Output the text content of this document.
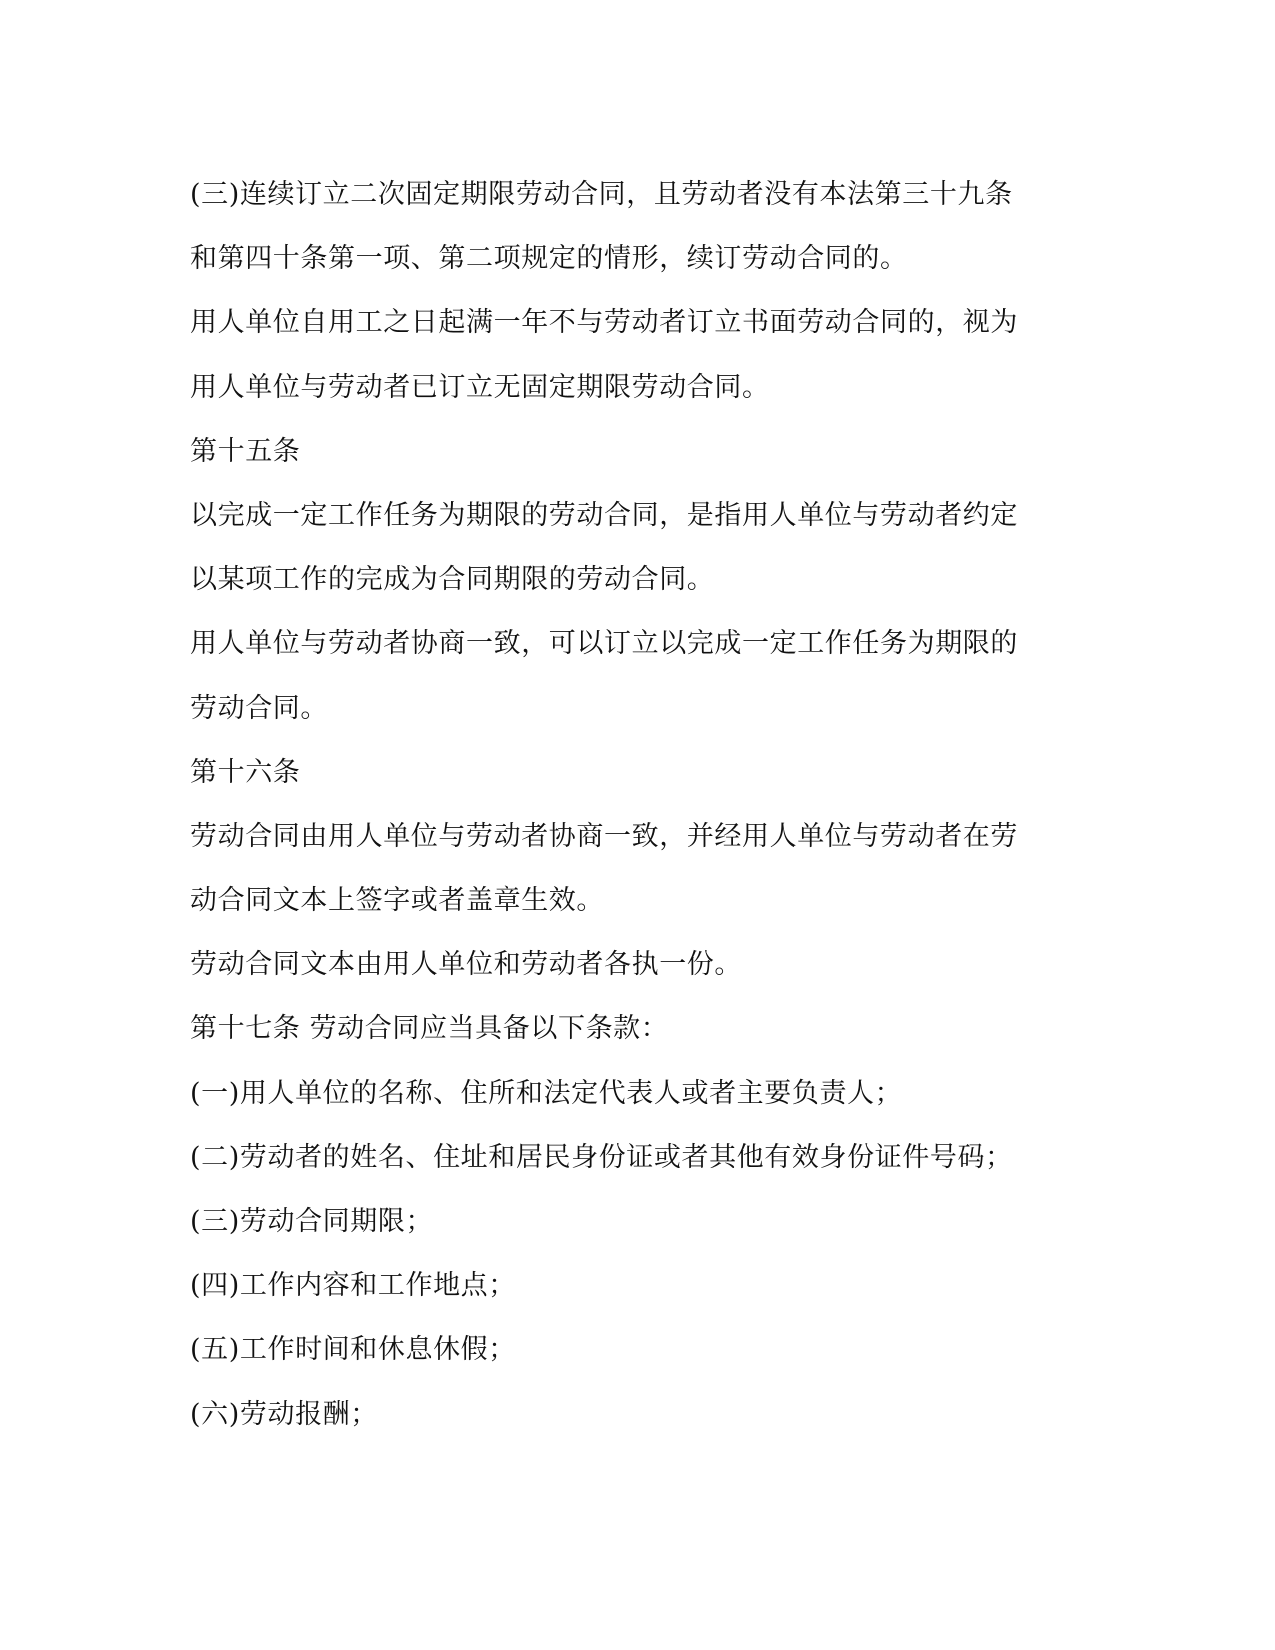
(三)连续订立二次固定期限劳动合同，且劳动者没有本法第三十九条
和第四十条第一项、第二项规定的情形，续订劳动合同的。
用人单位自用工之日起满一年不与劳动者订立书面劳动合同的，视为
用人单位与劳动者已订立无固定期限劳动合同。
第十五条
以完成一定工作任务为期限的劳动合同，是指用人单位与劳动者约定
以某项工作的完成为合同期限的劳动合同。
用人单位与劳动者协商一致，可以订立以完成一定工作任务为期限的
劳动合同。
第十六条
劳动合同由用人单位与劳动者协商一致，并经用人单位与劳动者在劳
动合同文本上签字或者盖章生效。
劳动合同文本由用人单位和劳动者各执一份。
第十七条 劳动合同应当具备以下条款：
(一)用人单位的名称、住所和法定代表人或者主要负责人；
(二)劳动者的姓名、住址和居民身份证或者其他有效身份证件号码；
(三)劳动合同期限；
(四)工作内容和工作地点；
(五)工作时间和休息休假；
(六)劳动报酬；
